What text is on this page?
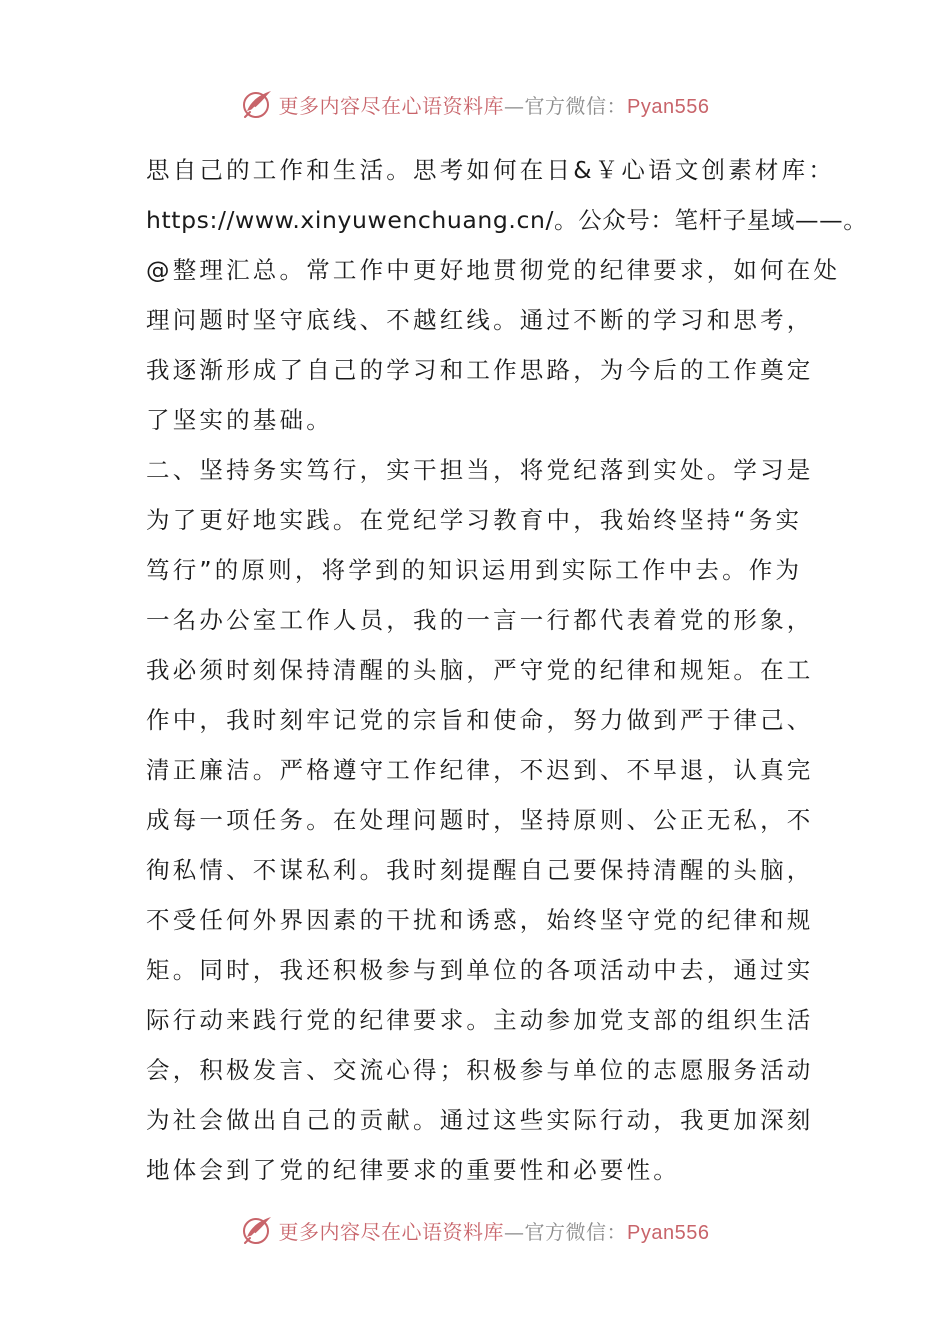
更多内容尽在心语资料库—官方微信：Pyan556
思自己的工作和生活。思考如何在日&￥心语文创素材库：
https://www.xinyuwenchuang.cn/。公众号：笔杆子星域——。
@整理汇总。常工作中更好地贯彻党的纪律要求，如何在处
理问题时坚守底线、不越红线。通过不断的学习和思考，
我逐渐形成了自己的学习和工作思路，为今后的工作奠定
了坚实的基础。
二、坚持务实笃行，实干担当，将党纪落到实处。学习是
为了更好地实践。在党纪学习教育中，我始终坚持“务实
笃行”的原则，将学到的知识运用到实际工作中去。作为
一名办公室工作人员，我的一言一行都代表着党的形象，
我必须时刻保持清醒的头脑，严守党的纪律和规矩。在工
作中，我时刻牢记党的宗旨和使命，努力做到严于律己、
清正廉洁。严格遵守工作纪律，不迟到、不早退，认真完
成每一项任务。在处理问题时，坚持原则、公正无私，不
徇私情、不谋私利。我时刻提醒自己要保持清醒的头脑，
不受任何外界因素的干扰和诱惑，始终坚守党的纪律和规
矩。同时，我还积极参与到单位的各项活动中去，通过实
际行动来践行党的纪律要求。主动参加党支部的组织生活
会，积极发言、交流心得；积极参与单位的志愿服务活动
为社会做出自己的贡献。通过这些实际行动，我更加深刻
地体会到了党的纪律要求的重要性和必要性。
更多内容尽在心语资料库—官方微信：Pyan556
